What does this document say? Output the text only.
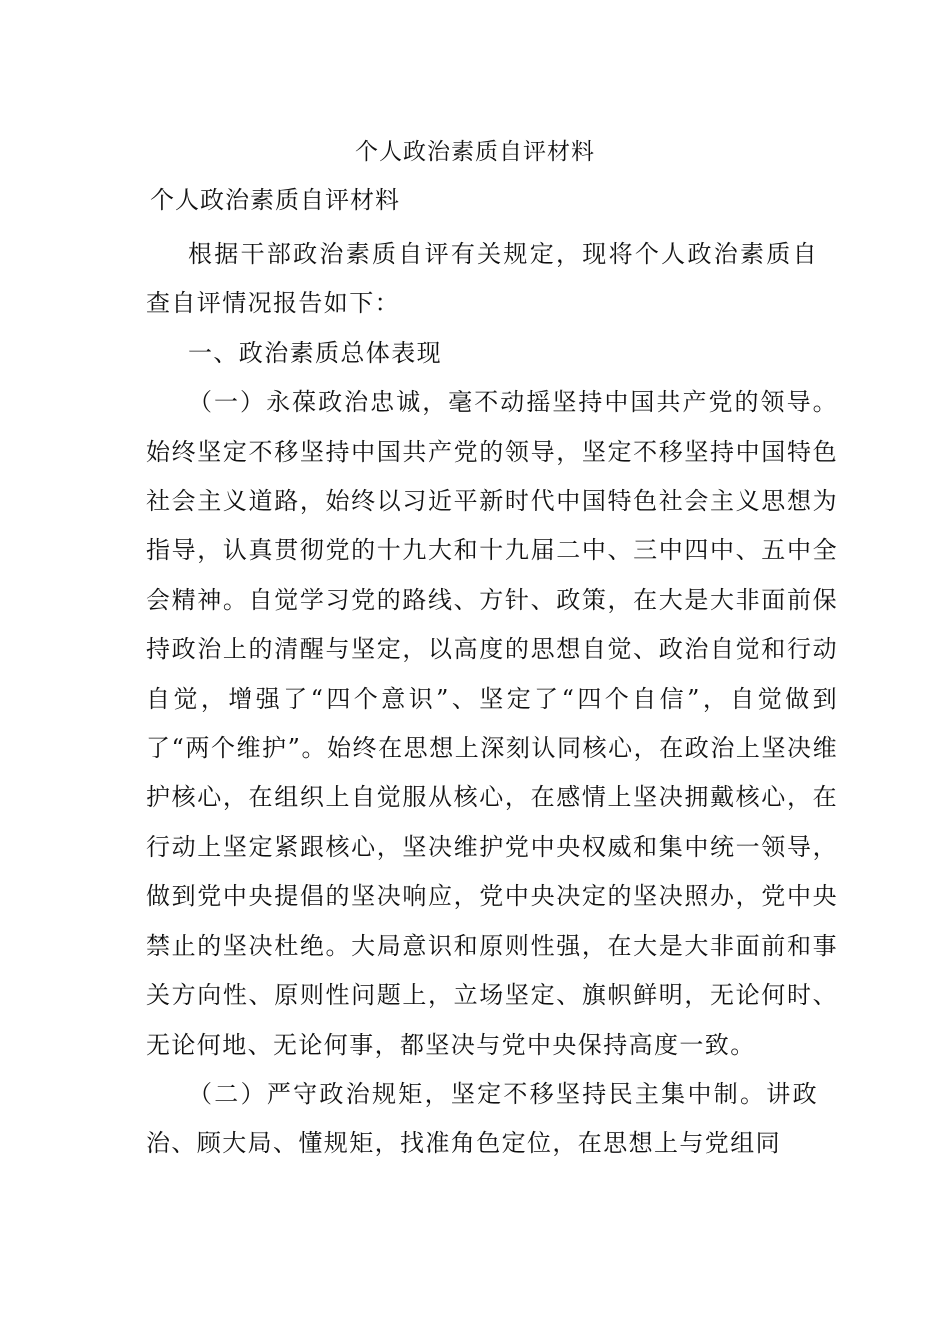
个人政治素质自评材料
个人政治素质自评材料

根据干部政治素质自评有关规定，现将个人政治素质自查自评情况报告如下：

一、政治素质总体表现

（一）永葆政治忠诚，毫不动摇坚持中国共产党的领导。始终坚定不移坚持中国共产党的领导，坚定不移坚持中国特色社会主义道路，始终以习近平新时代中国特色社会主义思想为指导，认真贯彻党的十九大和十九届二中、三中四中、五中全会精神。自觉学习党的路线、方针、政策，在大是大非面前保持政治上的清醒与坚定，以高度的思想自觉、政治自觉和行动自觉，增强了“四个意识”、坚定了“四个自信”，自觉做到了“两个维护”。始终在思想上深刻认同核心，在政治上坚决维护核心，在组织上自觉服从核心，在感情上坚决拥戴核心，在行动上坚定紧跟核心，坚决维护党中央权威和集中统一领导，做到党中央提倡的坚决响应，党中央决定的坚决照办，党中央禁止的坚决杜绝。大局意识和原则性强，在大是大非面前和事关方向性、原则性问题上，立场坚定、旗帜鲜明，无论何时、无论何地、无论何事，都坚决与党中央保持高度一致。

（二）严守政治规矩，坚定不移坚持民主集中制。讲政治、顾大局、懂规矩，找准角色定位，在思想上与党组同
